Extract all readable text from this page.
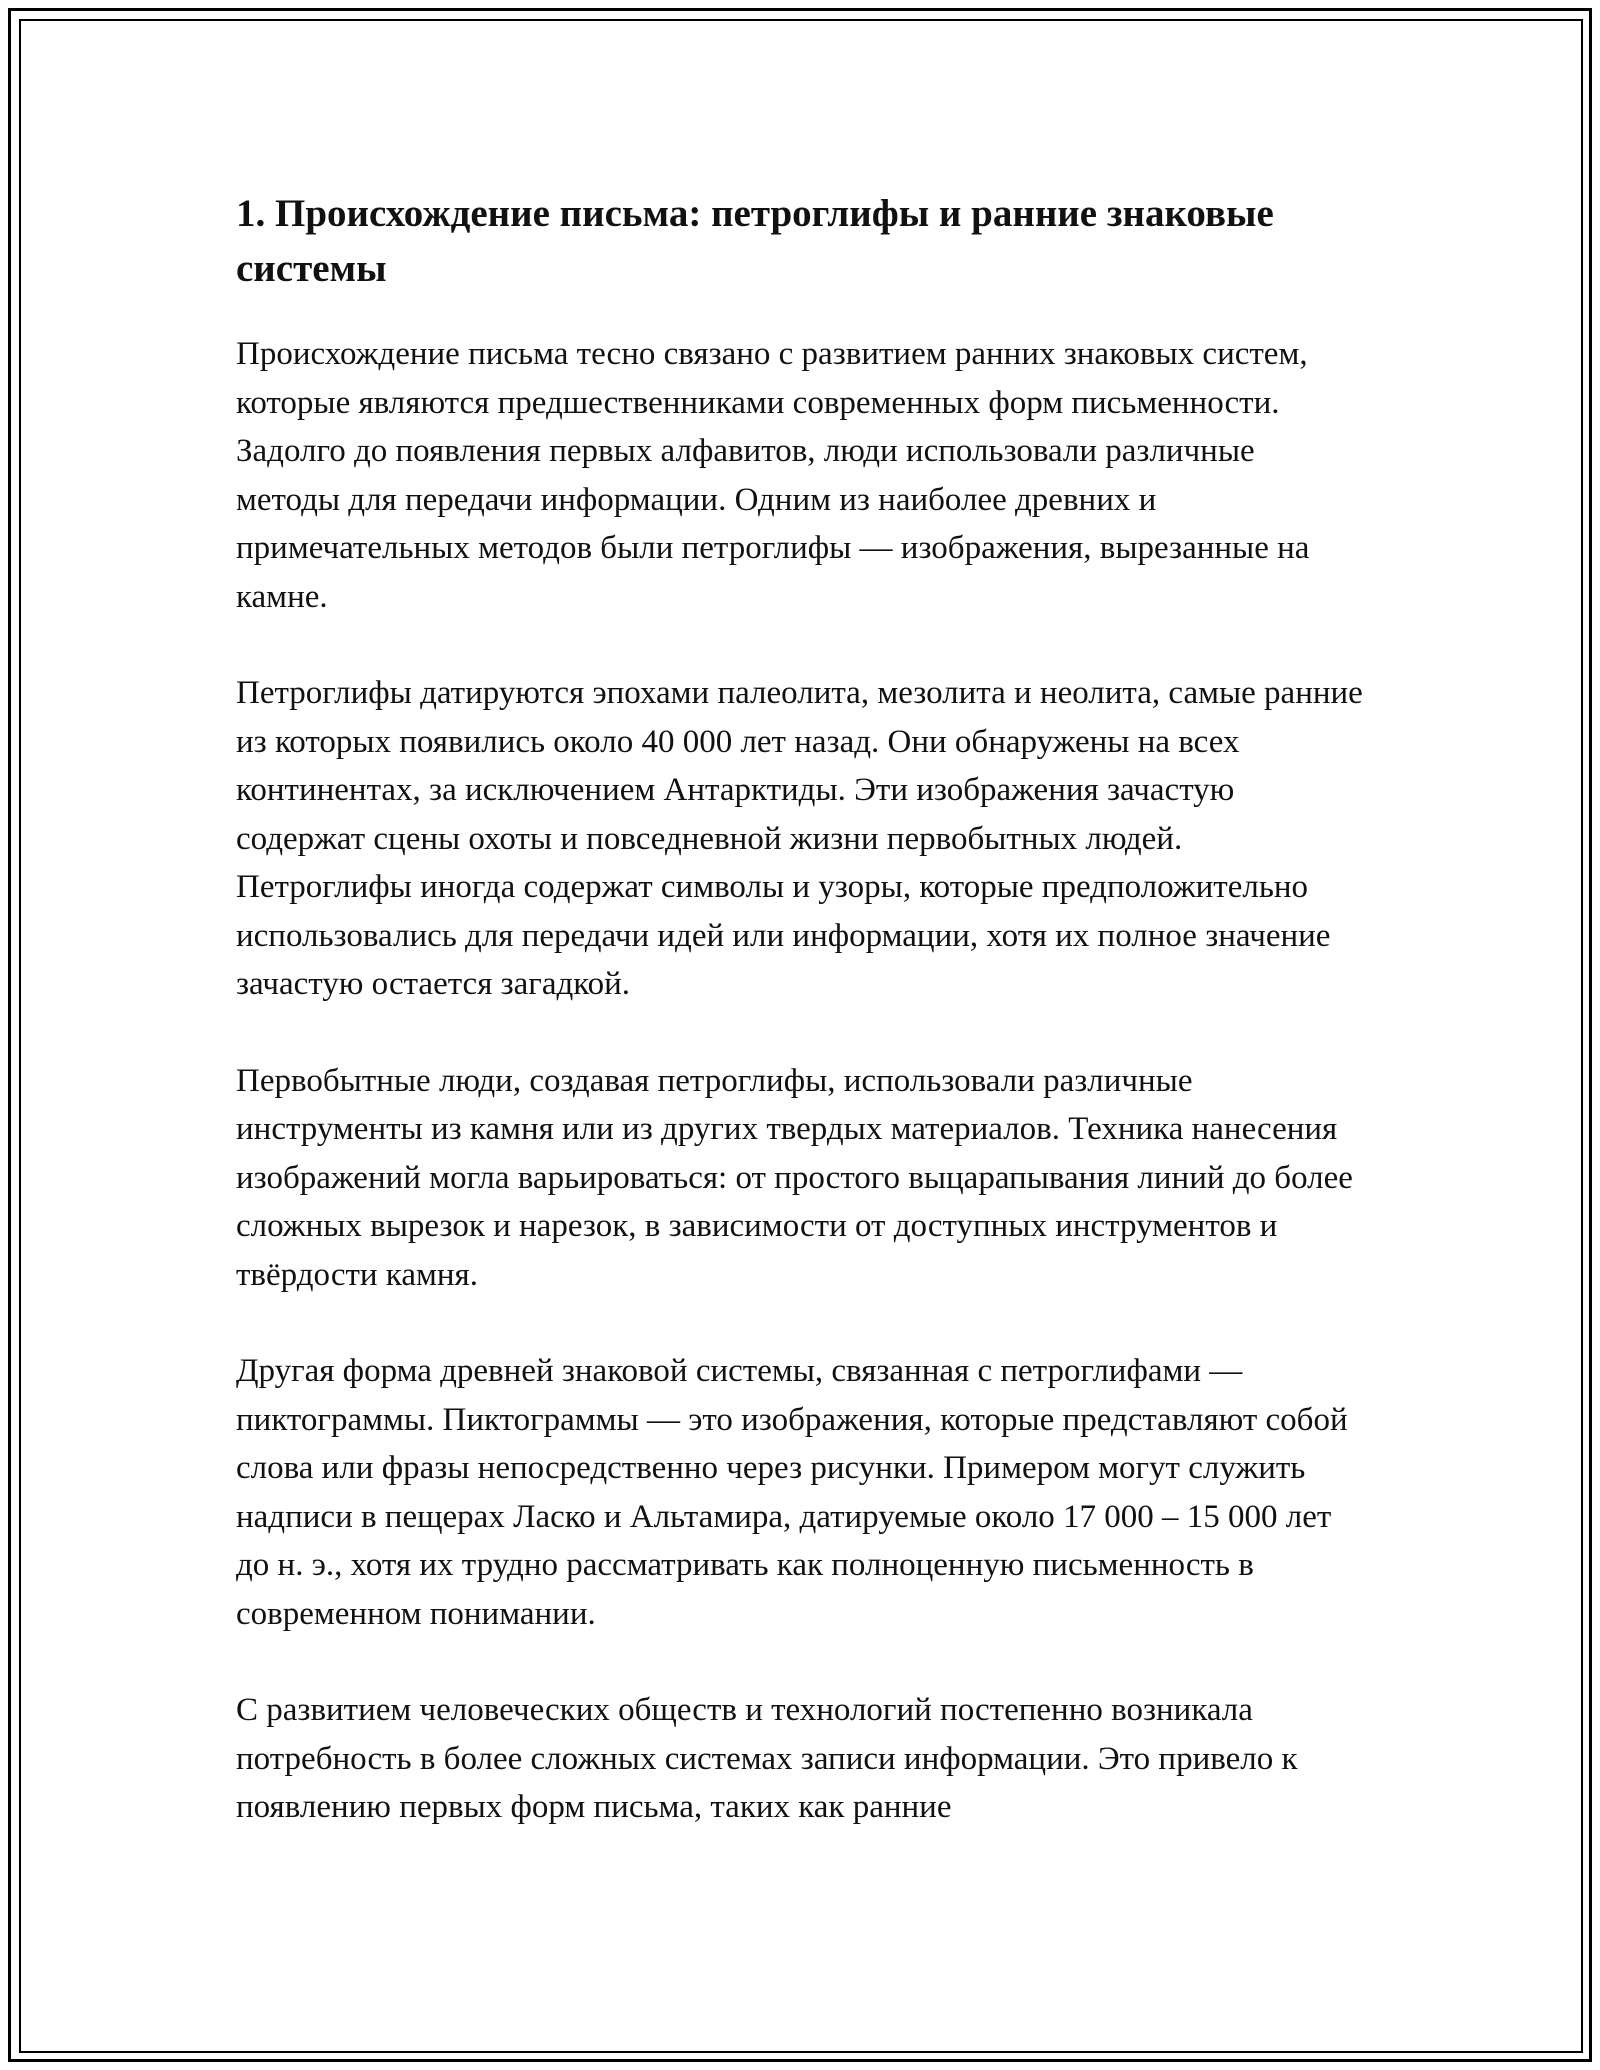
1. Происхождение письма: петроглифы и ранние знаковые системы

Происхождение письма тесно связано с развитием ранних знаковых систем, которые являются предшественниками современных форм письменности. Задолго до появления первых алфавитов, люди использовали различные методы для передачи информации. Одним из наиболее древних и примечательных методов были петроглифы — изображения, вырезанные на камне.

Петроглифы датируются эпохами палеолита, мезолита и неолита, самые ранние из которых появились около 40 000 лет назад. Они обнаружены на всех континентах, за исключением Антарктиды. Эти изображения зачастую содержат сцены охоты и повседневной жизни первобытных людей. Петроглифы иногда содержат символы и узоры, которые предположительно использовались для передачи идей или информации, хотя их полное значение зачастую остается загадкой.

Первобытные люди, создавая петроглифы, использовали различные инструменты из камня или из других твердых материалов. Техника нанесения изображений могла варьироваться: от простого выцарапывания линий до более сложных вырезок и нарезок, в зависимости от доступных инструментов и твёрдости камня.

Другая форма древней знаковой системы, связанная с петроглифами — пиктограммы. Пиктограммы — это изображения, которые представляют собой слова или фразы непосредственно через рисунки. Примером могут служить надписи в пещерах Ласко и Альтамира, датируемые около 17 000 – 15 000 лет до н. э., хотя их трудно рассматривать как полноценную письменность в современном понимании.

С развитием человеческих обществ и технологий постепенно возникала потребность в более сложных системах записи информации. Это привело к появлению первых форм письма, таких как ранние
